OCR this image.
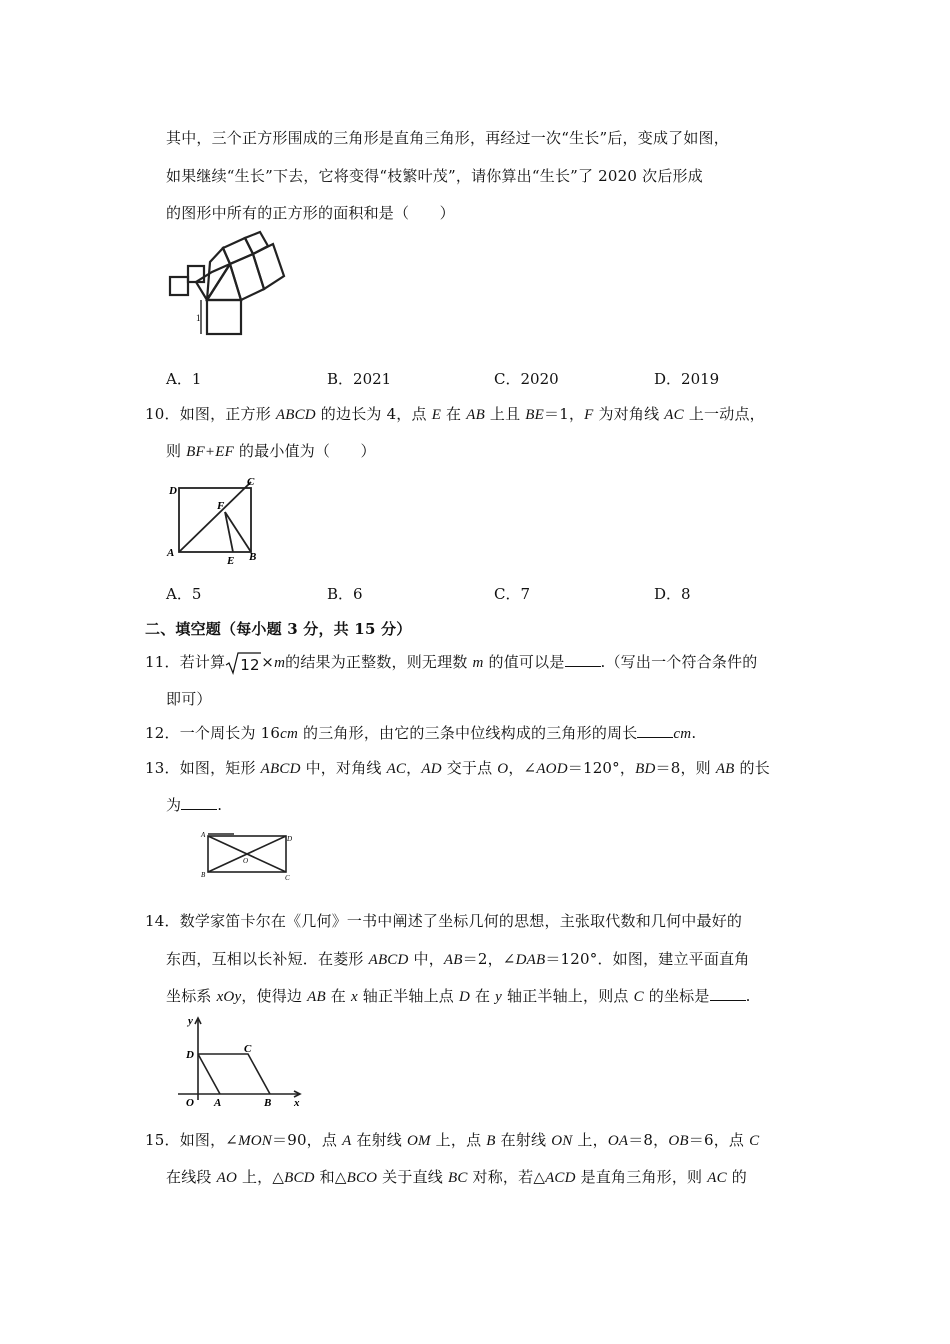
其中，三个正方形围成的三角形是直角三角形，再经过一次“生长”后，变成了如图，
如果继续“生长”下去，它将变得“枝繁叶茂”，请你算出“生长”了 2020 次后形成
的图形中所有的正方形的面积和是（　　）
1
A．1	B．2021	C．2020	D．2019
10．如图，正方形 ABCD 的边长为 4，点 E 在 AB 上且 BE＝1，F 为对角线 AC 上一动点，
则 BF+EF 的最小值为（　　）
D
C
F
A	B
E
A．5	B．6	C．7	D．8
二、填空题（每小题 3 分，共 15 分）
11．若计算 12 ×m的结果为正整数，则无理数 m 的值可以是 .（写出一个符合条件的
即可）
12．一个周长为 16cm 的三角形，由它的三条中位线构成的三角形的周长 cm.
13．如图，矩形 ABCD 中，对角线 AC，AD 交于点 O，∠AOD＝120°，BD＝8，则 AB 的长
为 .
A	D
B	C
O
14．数学家笛卡尔在《几何》一书中阐述了坐标几何的思想，主张取代数和几何中最好的
东西，互相以长补短．在菱形 ABCD 中，AB＝2，∠DAB＝120°．如图，建立平面直角
坐标系 xOy，使得边 AB 在 x 轴正半轴上点 D 在 y 轴正半轴上，则点 C 的坐标是 .
y
x
D	C
O A	B
15．如图，∠MON＝90，点 A 在射线 OM 上，点 B 在射线 ON 上，OA＝8，OB＝6，点 C
在线段 AO 上，△BCD 和△BCO 关于直线 BC 对称，若△ACD 是直角三角形，则 AC 的
